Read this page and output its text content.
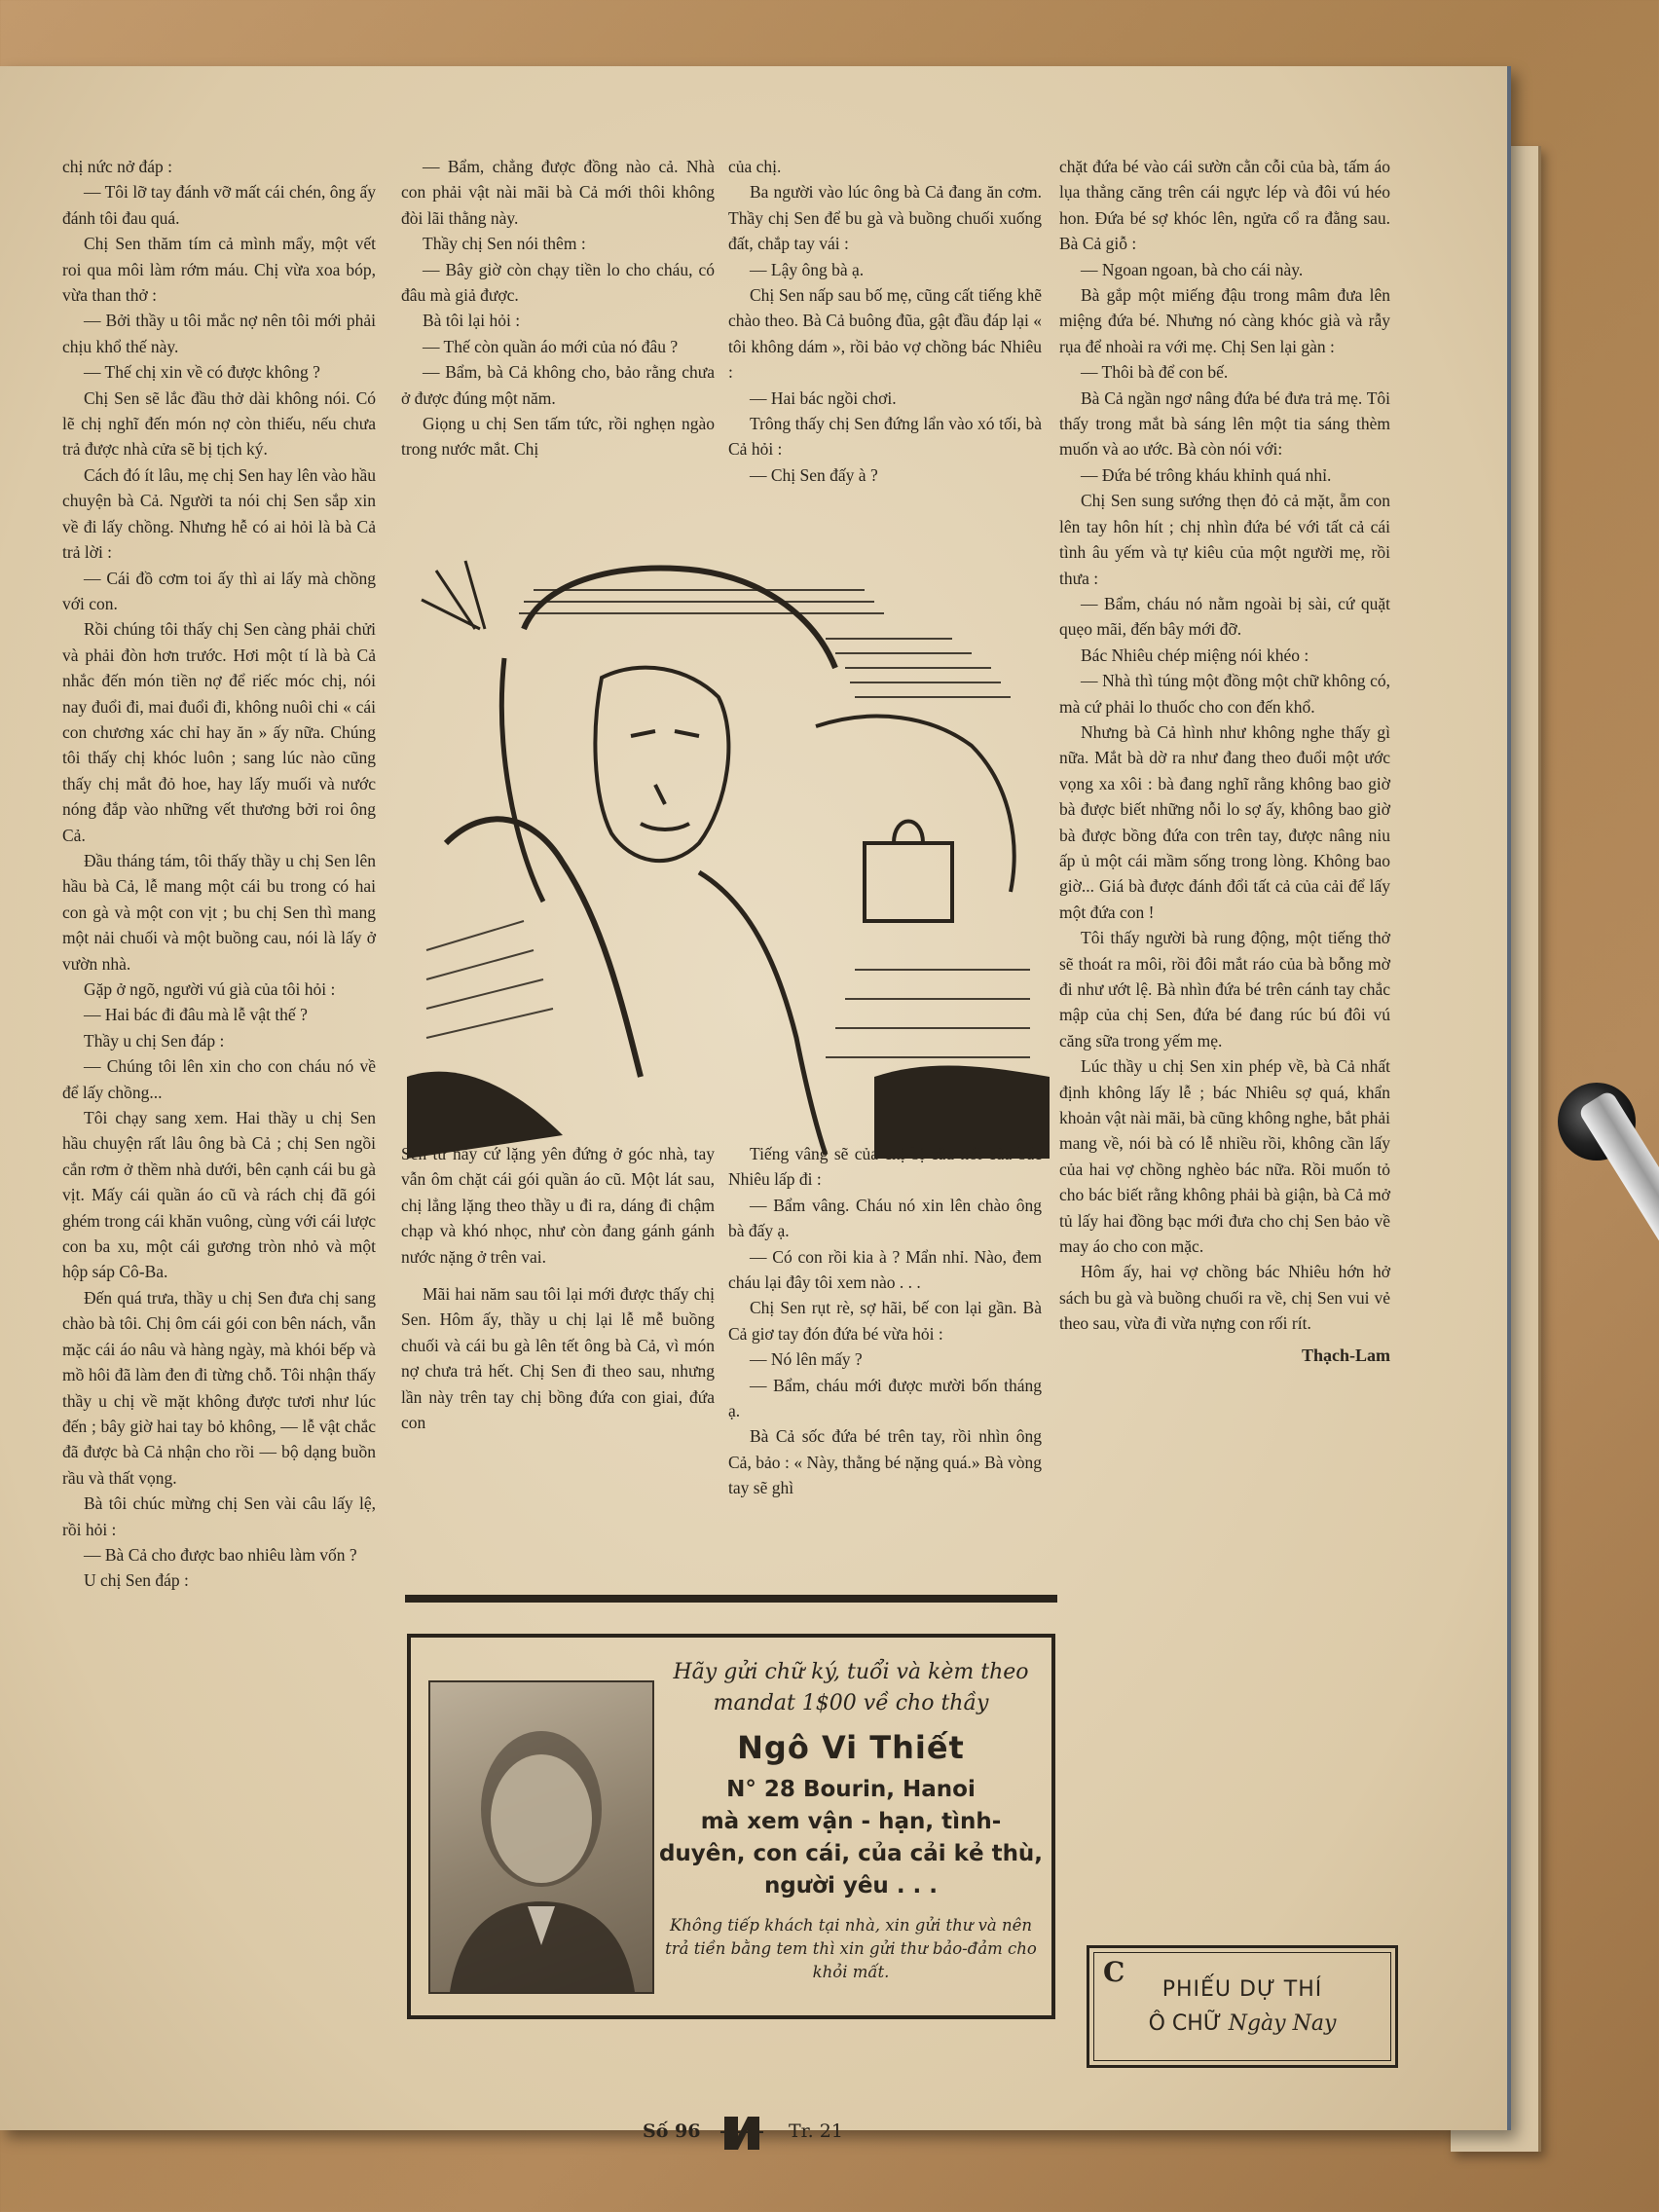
chị nức nở đáp :

— Tôi lỡ tay đánh vỡ mất cái chén, ông ấy đánh tôi đau quá.

Chị Sen thăm tím cả mình mẩy, một vết roi qua môi làm rớm máu. Chị vừa xoa bóp, vừa than thở :

— Bởi thầy u tôi mắc nợ nên tôi mới phải chịu khổ thế này.

— Thế chị xin về có được không ?

Chị Sen sẽ lắc đầu thở dài không nói. Có lẽ chị nghĩ đến món nợ còn thiếu, nếu chưa trả được nhà cửa sẽ bị tịch ký.

Cách đó ít lâu, mẹ chị Sen hay lên vào hầu chuyện bà Cả. Người ta nói chị Sen sắp xin về đi lấy chồng. Nhưng hễ có ai hỏi là bà Cả trả lời :

— Cái đồ cơm toi ấy thì ai lấy mà chồng với con.

Rồi chúng tôi thấy chị Sen càng phải chửi và phải đòn hơn trước. Hơi một tí là bà Cả nhắc đến món tiền nợ để riếc móc chị, nói nay đuổi đi, mai đuổi đi, không nuôi chi « cái con chương xác chỉ hay ăn » ấy nữa. Chúng tôi thấy chị khóc luôn ; sang lúc nào cũng thấy chị mắt đỏ hoe, hay lấy muối và nước nóng đắp vào những vết thương bởi roi ông Cả.

Đầu tháng tám, tôi thấy thầy u chị Sen lên hầu bà Cả, lễ mang một cái bu trong có hai con gà và một con vịt ; bu chị Sen thì mang một nải chuối và một buồng cau, nói là lấy ở vườn nhà.

Gặp ở ngõ, người vú già của tôi hỏi :

— Hai bác đi đâu mà lễ vật thế ?

Thầy u chị Sen đáp :

— Chúng tôi lên xin cho con cháu nó về để lấy chồng...

Tôi chạy sang xem. Hai thầy u chị Sen hầu chuyện rất lâu ông bà Cả ; chị Sen ngồi cắn rơm ở thềm nhà dưới, bên cạnh cái bu gà vịt. Mấy cái quần áo cũ và rách chị đã gói ghém trong cái khăn vuông, cùng với cái lược con ba xu, một cái gương tròn nhỏ và một hộp sáp Cô-Ba.

Đến quá trưa, thầy u chị Sen đưa chị sang chào bà tôi. Chị ôm cái gói con bên nách, vẫn mặc cái áo nâu và hàng ngày, mà khói bếp và mồ hôi đã làm đen đi từng chỗ. Tôi nhận thấy thầy u chị về mặt không được tươi như lúc đến ; bây giờ hai tay bỏ không, — lễ vật chắc đã được bà Cả nhận cho rồi — bộ dạng buồn rầu và thất vọng.

Bà tôi chúc mừng chị Sen vài câu lấy lệ, rồi hỏi :

— Bà Cả cho được bao nhiêu làm vốn ?

U chị Sen đáp :

— Bẩm, chẳng được đồng nào cả. Nhà con phải vật nài mãi bà Cả mới thôi không đòi lãi thằng này.

Thầy chị Sen nói thêm :

— Bây giờ còn chạy tiền lo cho cháu, có đâu mà giả được.

Bà tôi lại hỏi :

— Thế còn quần áo mới của nó đâu ?

— Bẩm, bà Cả không cho, bảo rằng chưa ở được đúng một năm.

Giọng u chị Sen tấm tức, rồi nghẹn ngào trong nước mắt. Chị

của chị.

Ba người vào lúc ông bà Cả đang ăn cơm. Thầy chị Sen để bu gà và buồng chuối xuống đất, chắp tay vái :

— Lậy ông bà ạ.

Chị Sen nấp sau bố mẹ, cũng cất tiếng khẽ chào theo. Bà Cả buông đũa, gật đầu đáp lại « tôi không dám », rồi bảo vợ chồng bác Nhiêu :

— Hai bác ngồi chơi.

Trông thấy chị Sen đứng lẩn vào xó tối, bà Cả hỏi :

— Chị Sen đấy à ?

chặt đứa bé vào cái sườn cằn cỗi của bà, tấm áo lụa thẳng căng trên cái ngực lép và đôi vú héo hon. Đứa bé sợ khóc lên, ngửa cổ ra đằng sau. Bà Cả giỗ :

— Ngoan ngoan, bà cho cái này.

Bà gắp một miếng đậu trong mâm đưa lên miệng đứa bé. Nhưng nó càng khóc già và rẫy rụa để nhoài ra với mẹ. Chị Sen lại gàn :

— Thôi bà để con bế.

Bà Cả ngần ngơ nâng đứa bé đưa trả mẹ. Tôi thấy trong mắt bà sáng lên một tia sáng thèm muốn và ao ước. Bà còn nói với:

— Đứa bé trông kháu khỉnh quá nhỉ.

Chị Sen sung sướng thẹn đỏ cả mặt, ẵm con lên tay hôn hít ; chị nhìn đứa bé với tất cả cái tình âu yếm và tự kiêu của một người mẹ, rồi thưa :

— Bẩm, cháu nó nằm ngoài bị sài, cứ quặt quẹo mãi, đến bây mới đỡ.

Bác Nhiêu chép miệng nói khéo :

— Nhà thì túng một đồng một chữ không có, mà cứ phải lo thuốc cho con đến khổ.

Nhưng bà Cả hình như không nghe thấy gì nữa. Mắt bà dờ ra như đang theo đuổi một ước vọng xa xôi : bà đang nghĩ rằng không bao giờ bà được biết những nỗi lo sợ ấy, không bao giờ bà được bồng đứa con trên tay, được nâng niu ấp ủ một cái mầm sống trong lòng. Không bao giờ... Giá bà được đánh đổi tất cả của cải để lấy một đứa con !

Tôi thấy người bà rung động, một tiếng thở sẽ thoát ra môi, rồi đôi mắt ráo của bà bỗng mờ đi như ướt lệ. Bà nhìn đứa bé trên cánh tay chắc mập của chị Sen, đứa bé đang rúc bú đôi vú căng sữa trong yếm mẹ.

Lúc thầy u chị Sen xin phép về, bà Cả nhất định không lấy lễ ; bác Nhiêu sợ quá, khẩn khoản vật nài mãi, bà cũng không nghe, bắt phải mang về, nói bà có lễ nhiều rồi, không cần lấy của hai vợ chồng nghèo bác nữa. Rồi muốn tỏ cho bác biết rằng không phải bà giận, bà Cả mở tủ lấy hai đồng bạc mới đưa cho chị Sen bảo về may áo cho con mặc.

Hôm ấy, hai vợ chồng bác Nhiêu hớn hở sách bu gà và buồng chuối ra về, chị Sen vui vẻ theo sau, vừa đi vừa nựng con rối rít.

Thạch-Lam

Sen từ nãy cứ lặng yên đứng ở góc nhà, tay vẫn ôm chặt cái gói quần áo cũ. Một lát sau, chị lẳng lặng theo thầy u đi ra, dáng đi chậm chạp và khó nhọc, như còn đang gánh gánh nước nặng ở trên vai.

Mãi hai năm sau tôi lại mới được thấy chị Sen. Hôm ấy, thầy u chị lại lễ mễ buồng chuối và cái bu gà lên tết ông bà Cả, vì món nợ chưa trả hết. Chị Sen đi theo sau, nhưng lần này trên tay chị bồng đứa con giai, đứa con

Tiếng vâng sẽ của chị bị câu nói của bác Nhiêu lấp đi :

— Bẩm vâng. Cháu nó xin lên chào ông bà đấy ạ.

— Có con rồi kia à ? Mẩn nhỉ. Nào, đem cháu lại đây tôi xem nào . . .

Chị Sen rụt rè, sợ hãi, bế con lại gần. Bà Cả giơ tay đón đứa bé vừa hỏi :

— Nó lên mấy ?

— Bẩm, cháu mới được mười bốn tháng ạ.

Bà Cả sốc đứa bé trên tay, rồi nhìn ông Cả, bảo : « Này, thằng bé nặng quá.» Bà vòng tay sẽ ghì

Hãy gửi chữ ký, tuổi và kèm theo mandat 1$00 về cho thầy
Ngô Vi Thiết
N° 28 Bourin, Hanoi
mà xem vận - hạn, tình-duyên, con cái, của cải kẻ thù, người yêu . . .
Không tiếp khách tại nhà, xin gửi thư và nên trả tiền bằng tem thì xin gửi thư bảo-đảm cho khỏi mất.	C
PHIẾU DỰ THÍ
Ô CHỮ Ngày Nay
Số 96	Tr. 21
